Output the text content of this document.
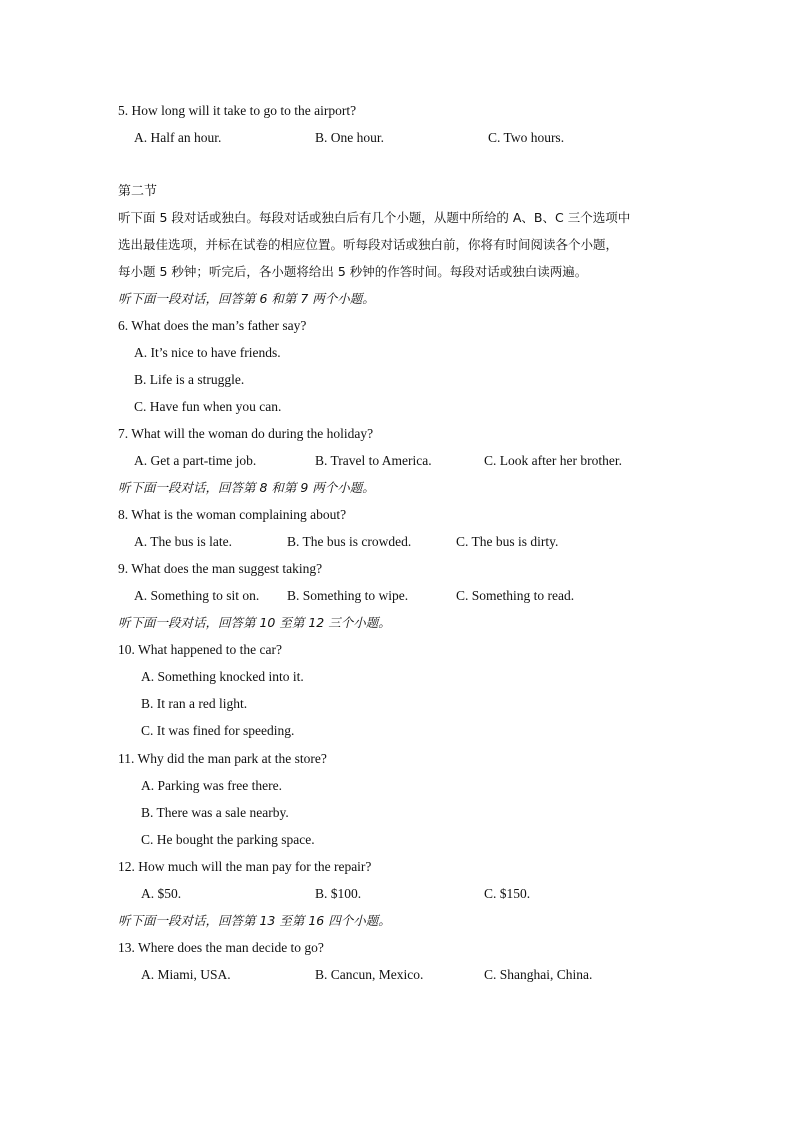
5. How long will it take to go to the airport?
A. Half an hour.	B. One hour.	C. Two hours.
第二节
听下面 5 段对话或独白。每段对话或独白后有几个小题，从题中所给的 A、B、C 三个选项中
选出最佳选项，并标在试卷的相应位置。听每段对话或独白前，你将有时间阅读各个小题，
每小题 5 秒钟；听完后，各小题将给出 5 秒钟的作答时间。每段对话或独白读两遍。
听下面一段对话，回答第 6 和第 7 两个小题。
6. What does the man’s father say?
A. It’s nice to have friends.
B. Life is a struggle.
C. Have fun when you can.
7. What will the woman do during the holiday?
A. Get a part-time job.	B. Travel to America.	C. Look after her brother.
听下面一段对话，回答第 8 和第 9 两个小题。
8. What is the woman complaining about?
A. The bus is late.	B. The bus is crowded.	C. The bus is dirty.
9. What does the man suggest taking?
A. Something to sit on. B. Something to wipe.	C. Something to read.
听下面一段对话，回答第 10 至第 12 三个小题。
10. What happened to the car?
A. Something knocked into it.
B. It ran a red light.
C. It was fined for speeding.
11. Why did the man park at the store?
A. Parking was free there.
B. There was a sale nearby.
C. He bought the parking space.
12. How much will the man pay for the repair?
A. $50.	B. $100.	C. $150.
听下面一段对话，回答第 13 至第 16 四个小题。
13. Where does the man decide to go?
A. Miami, USA.	B. Cancun, Mexico.	C. Shanghai, China.
